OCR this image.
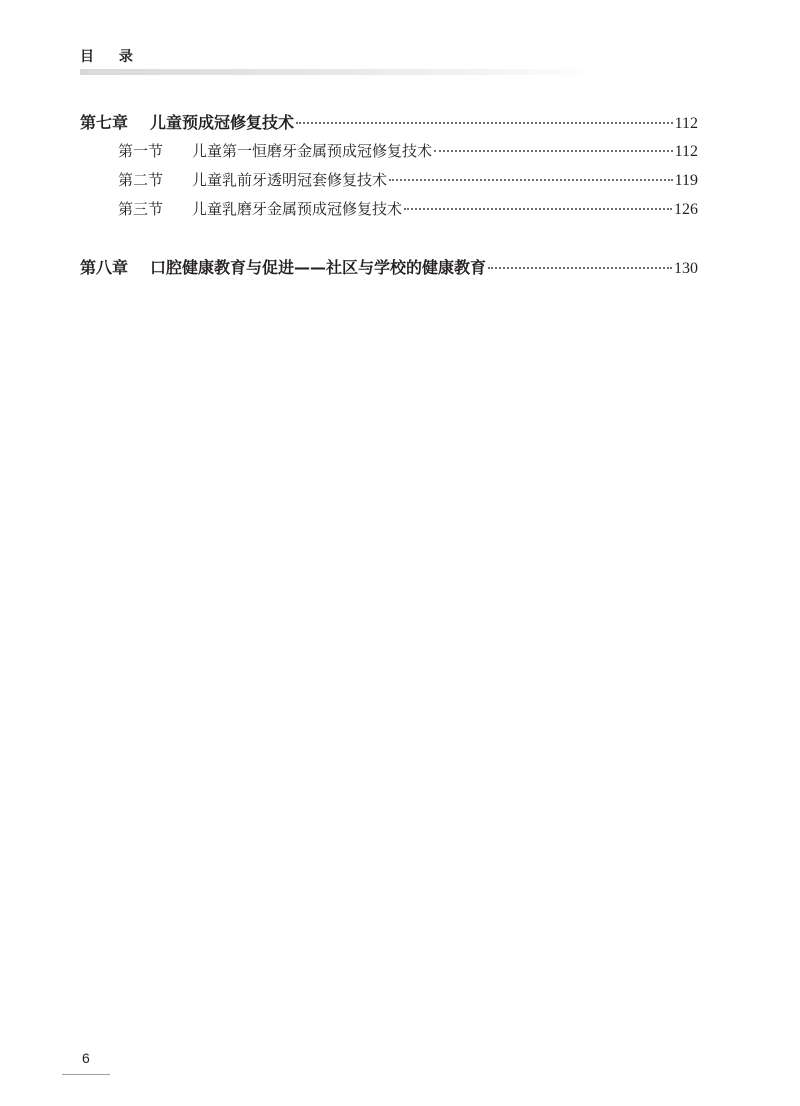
目 录
第七章	儿童预成冠修复技术	112
第一节	儿童第一恒磨牙金属预成冠修复技术	112
第二节	儿童乳前牙透明冠套修复技术	119
第三节	儿童乳磨牙金属预成冠修复技术	126
第八章	口腔健康教育与促进——社区与学校的健康教育	130
6
